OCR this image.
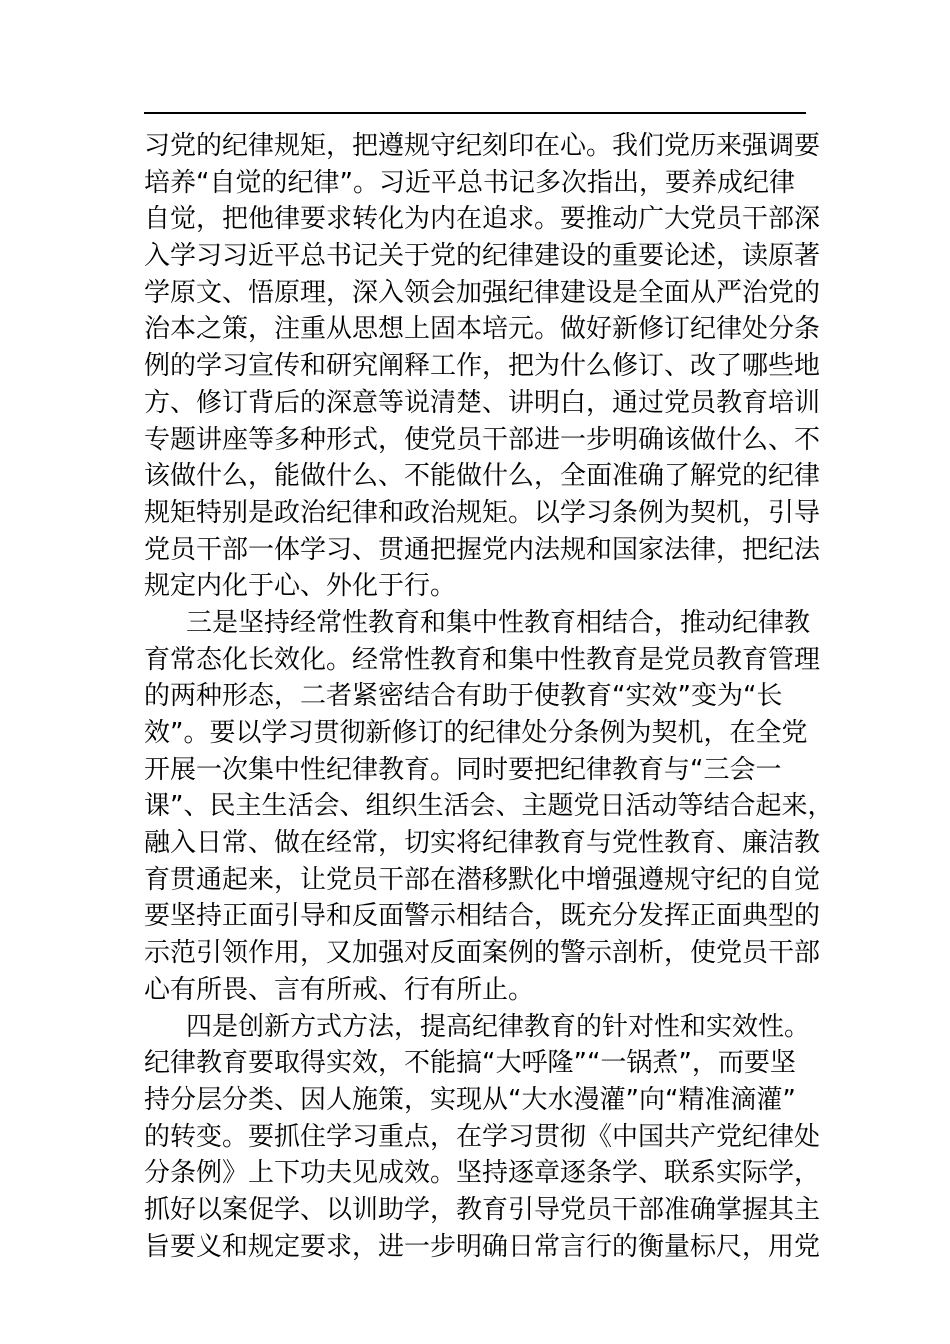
习党的纪律规矩，把遵规守纪刻印在心。我们党历来强调要
培养“自觉的纪律”。习近平总书记多次指出，要养成纪律
自觉，把他律要求转化为内在追求。要推动广大党员干部深
入学习习近平总书记关于党的纪律建设的重要论述，读原著
学原文、悟原理，深入领会加强纪律建设是全面从严治党的
治本之策，注重从思想上固本培元。做好新修订纪律处分条
例的学习宣传和研究阐释工作，把为什么修订、改了哪些地
方、修订背后的深意等说清楚、讲明白，通过党员教育培训
专题讲座等多种形式，使党员干部进一步明确该做什么、不
该做什么，能做什么、不能做什么，全面准确了解党的纪律
规矩特别是政治纪律和政治规矩。以学习条例为契机，引导
党员干部一体学习、贯通把握党内法规和国家法律，把纪法
规定内化于心、外化于行。
三是坚持经常性教育和集中性教育相结合，推动纪律教
育常态化长效化。经常性教育和集中性教育是党员教育管理
的两种形态，二者紧密结合有助于使教育“实效”变为“长
效”。要以学习贯彻新修订的纪律处分条例为契机，在全党
开展一次集中性纪律教育。同时要把纪律教育与“三会一
课”、民主生活会、组织生活会、主题党日活动等结合起来，
融入日常、做在经常，切实将纪律教育与党性教育、廉洁教
育贯通起来，让党员干部在潜移默化中增强遵规守纪的自觉
要坚持正面引导和反面警示相结合，既充分发挥正面典型的
示范引领作用，又加强对反面案例的警示剖析，使党员干部
心有所畏、言有所戒、行有所止。
四是创新方式方法，提高纪律教育的针对性和实效性。
纪律教育要取得实效，不能搞“大呼隆”“一锅煮”，而要坚
持分层分类、因人施策，实现从“大水漫灌”向“精准滴灌”
的转变。要抓住学习重点，在学习贯彻《中国共产党纪律处
分条例》上下功夫见成效。坚持逐章逐条学、联系实际学，
抓好以案促学、以训助学，教育引导党员干部准确掌握其主
旨要义和规定要求，进一步明确日常言行的衡量标尺，用党
